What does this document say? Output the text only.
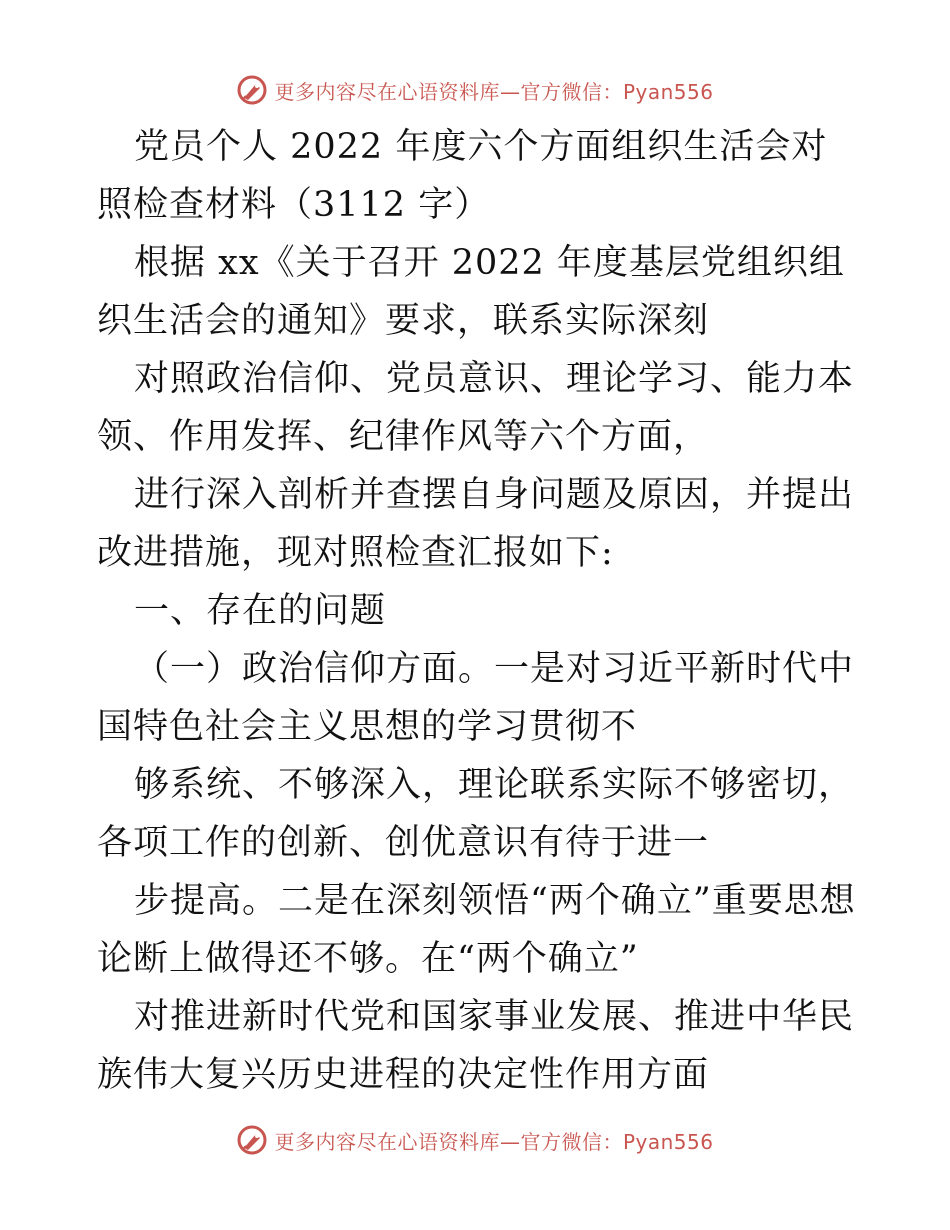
更多内容尽在心语资料库—官方微信：Pyan556

党员个人 2022 年度六个方面组织生活会对照检查材料（3112 字）

根据 xx《关于召开 2022 年度基层党组织组织生活会的通知》要求，联系实际深刻

对照政治信仰、党员意识、理论学习、能力本领、作用发挥、纪律作风等六个方面，

进行深入剖析并查摆自身问题及原因，并提出改进措施，现对照检查汇报如下:

一、存在的问题

（一）政治信仰方面。一是对习近平新时代中国特色社会主义思想的学习贯彻不

够系统、不够深入，理论联系实际不够密切，各项工作的创新、创优意识有待于进一

步提高。二是在深刻领悟“两个确立”重要思想论断上做得还不够。在“两个确立”

对推进新时代党和国家事业发展、推进中华民族伟大复兴历史进程的决定性作用方面

更多内容尽在心语资料库—官方微信：Pyan556
